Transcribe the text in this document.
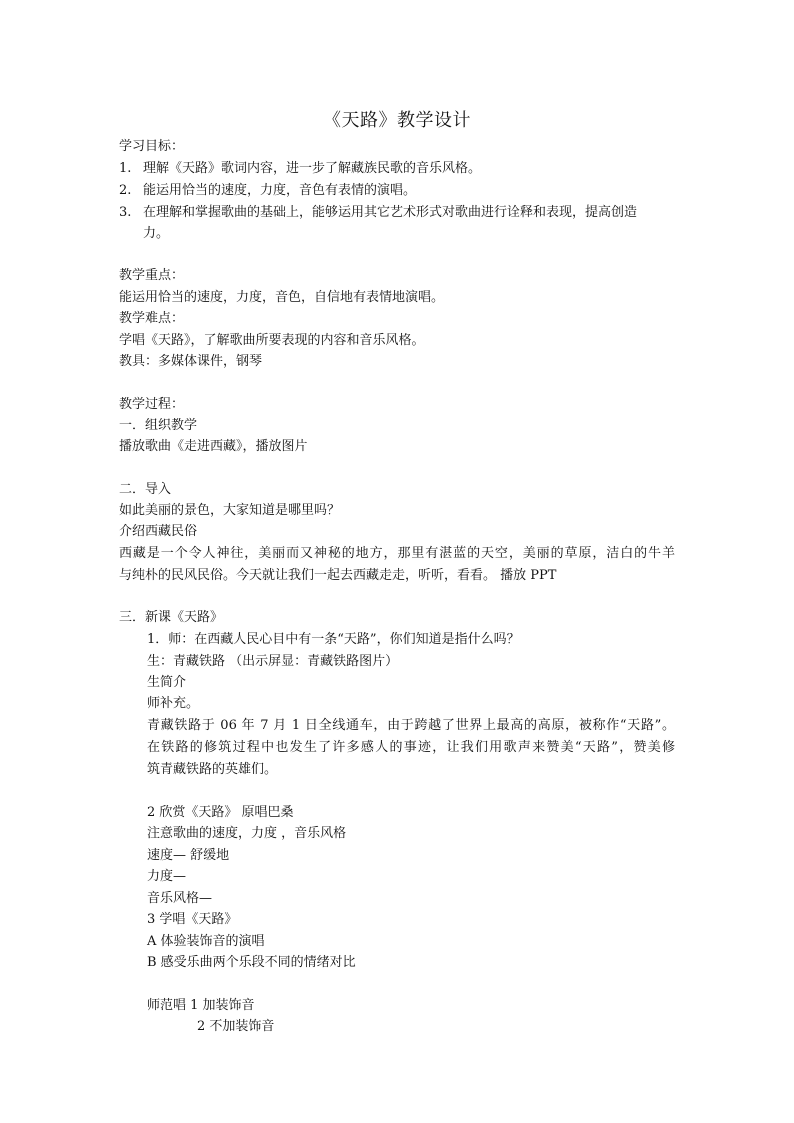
《天路》教学设计
学习目标：
1. 理解《天路》歌词内容，进一步了解藏族民歌的音乐风格。
2. 能运用恰当的速度，力度，音色有表情的演唱。
3. 在理解和掌握歌曲的基础上，能够运用其它艺术形式对歌曲进行诠释和表现，提高创造
力。
教学重点：
能运用恰当的速度，力度，音色，自信地有表情地演唱。
教学难点：
学唱《天路》，了解歌曲所要表现的内容和音乐风格。
教具：多媒体课件，钢琴
教学过程：
一．组织教学
播放歌曲《走进西藏》，播放图片
二．导入
如此美丽的景色，大家知道是哪里吗？
介绍西藏民俗
西藏是一个令人神往，美丽而又神秘的地方，那里有湛蓝的天空，美丽的草原，洁白的牛羊
与纯朴的民风民俗。今天就让我们一起去西藏走走，听听，看看。 播放 PPT
三．新课《天路》
1．师：在西藏人民心目中有一条“天路”，你们知道是指什么吗？
生：青藏铁路 （出示屏显：青藏铁路图片）
生简介
师补充。
青藏铁路于 06 年 7 月 1 日全线通车，由于跨越了世界上最高的高原，被称作“天路”。
在铁路的修筑过程中也发生了许多感人的事迹，让我们用歌声来赞美“天路”，赞美修
筑青藏铁路的英雄们。
2 欣赏《天路》 原唱巴桑
注意歌曲的速度，力度 ，音乐风格
速度— 舒缓地
力度—
音乐风格—
3 学唱《天路》
A 体验装饰音的演唱
B 感受乐曲两个乐段不同的情绪对比
师范唱 1 加装饰音
2 不加装饰音
